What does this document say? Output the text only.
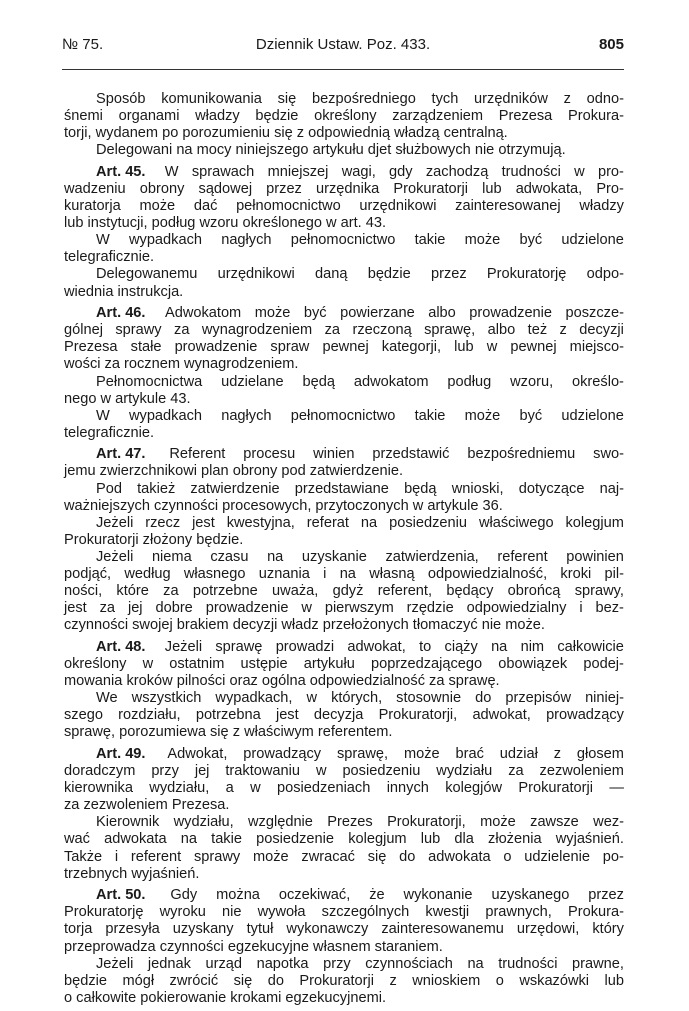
№ 75.	Dziennik Ustaw. Poz. 433.	805
Sposób komunikowania się bezpośredniego tych urzędników z odno-
śnemi organami władzy będzie określony zarządzeniem Prezesa Prokura-
torji, wydanem po porozumieniu się z odpowiednią władzą centralną.
Delegowani na mocy niniejszego artykułu djet służbowych nie otrzymują.
Art. 45. W sprawach mniejszej wagi, gdy zachodzą trudności w pro-
wadzeniu obrony sądowej przez urzędnika Prokuratorji lub adwokata, Pro-
kuratorja może dać pełnomocnictwo urzędnikowi zainteresowanej władzy
lub instytucji, podług wzoru określonego w art. 43.
W wypadkach nagłych pełnomocnictwo takie może być udzielone
telegraficznie.
Delegowanemu urzędnikowi daną będzie przez Prokuratorję odpo-
wiednia instrukcja.
Art. 46. Adwokatom może być powierzane albo prowadzenie poszcze-
gólnej sprawy za wynagrodzeniem za rzeczoną sprawę, albo też z decyzji
Prezesa stałe prowadzenie spraw pewnej kategorji, lub w pewnej miejsco-
wości za rocznem wynagrodzeniem.
Pełnomocnictwa udzielane będą adwokatom podług wzoru, określo-
nego w artykule 43.
W wypadkach nagłych pełnomocnictwo takie może być udzielone
telegraficznie.
Art. 47. Referent procesu winien przedstawić bezpośredniemu swo-
jemu zwierzchnikowi plan obrony pod zatwierdzenie.
Pod takież zatwierdzenie przedstawiane będą wnioski, dotyczące naj-
ważniejszych czynności procesowych, przytoczonych w artykule 36.
Jeżeli rzecz jest kwestyjna, referat na posiedzeniu właściwego kolegjum
Prokuratorji złożony będzie.
Jeżeli niema czasu na uzyskanie zatwierdzenia, referent powinien
podjąć, według własnego uznania i na własną odpowiedzialność, kroki pil-
ności, które za potrzebne uważa, gdyż referent, będący obrońcą sprawy,
jest za jej dobre prowadzenie w pierwszym rzędzie odpowiedzialny i bez-
czynności swojej brakiem decyzji władz przełożonych tłomaczyć nie może.
Art. 48. Jeżeli sprawę prowadzi adwokat, to ciąży na nim całkowicie
określony w ostatnim ustępie artykułu poprzedzającego obowiązek podej-
mowania kroków pilności oraz ogólna odpowiedzialność za sprawę.
We wszystkich wypadkach, w których, stosownie do przepisów niniej-
szego rozdziału, potrzebna jest decyzja Prokuratorji, adwokat, prowadzący
sprawę, porozumiewa się z właściwym referentem.
Art. 49. Adwokat, prowadzący sprawę, może brać udział z głosem
doradczym przy jej traktowaniu w posiedzeniu wydziału za zezwoleniem
kierownika wydziału, a w posiedzeniach innych kolegjów Prokuratorji —
za zezwoleniem Prezesa.
Kierownik wydziału, względnie Prezes Prokuratorji, może zawsze wez-
wać adwokata na takie posiedzenie kolegjum lub dla złożenia wyjaśnień.
Także i referent sprawy może zwracać się do adwokata o udzielenie po-
trzebnych wyjaśnień.
Art. 50. Gdy można oczekiwać, że wykonanie uzyskanego przez
Prokuratorję wyroku nie wywoła szczególnych kwestji prawnych, Prokura-
torja przesyła uzyskany tytuł wykonawczy zainteresowanemu urzędowi, który
przeprowadza czynności egzekucyjne własnem staraniem.
Jeżeli jednak urząd napotka przy czynnościach na trudności prawne,
będzie mógł zwrócić się do Prokuratorji z wnioskiem o wskazówki lub
o całkowite pokierowanie krokami egzekucyjnemi.
